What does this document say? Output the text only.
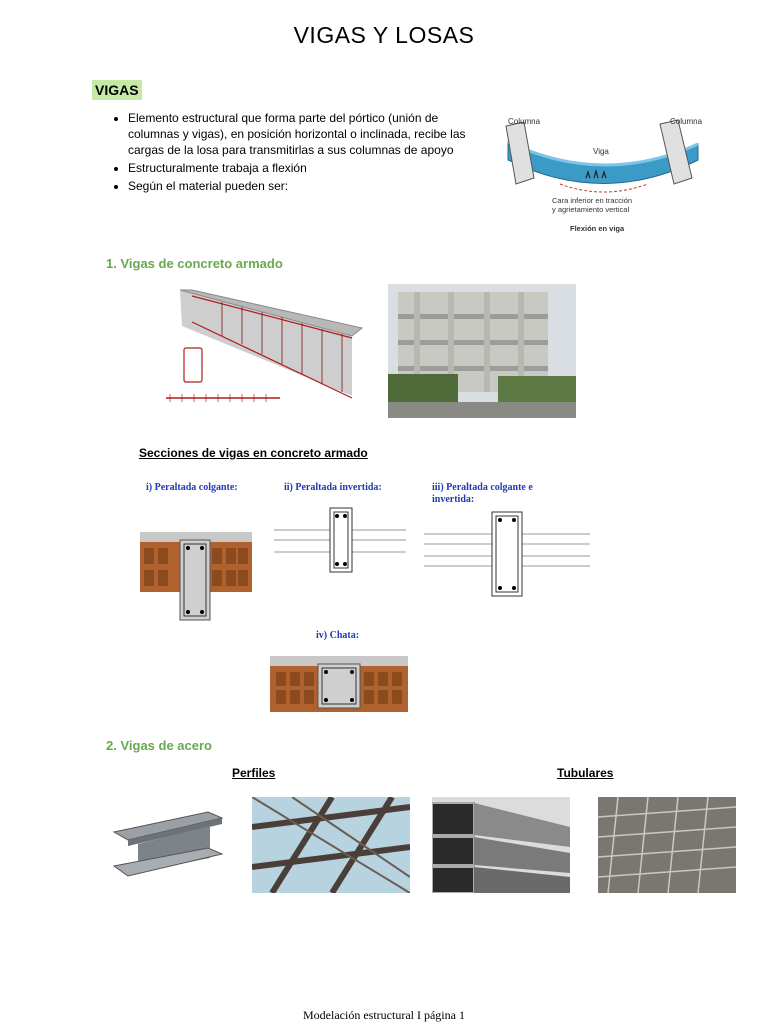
VIGAS Y LOSAS
VIGAS
• Elemento estructural que forma parte del pórtico (unión de columnas y vigas), en posición horizontal o inclinada, recibe las cargas de la losa para transmitirlas a sus columnas de apoyo
• Estructuralmente trabaja a flexión
• Según el material pueden ser:
Columna	Columna
Viga
Cara inferior en tracción
y agrietamiento vertical
Flexión en viga
1. Vigas de concreto armado
Secciones de vigas en concreto armado
i) Peraltada colgante:	ii) Peraltada invertida:	iii) Peraltada colgante e
invertida:
iv) Chata:
2. Vigas de acero
Perfiles	Tubulares
Modelación estructural I página 1
